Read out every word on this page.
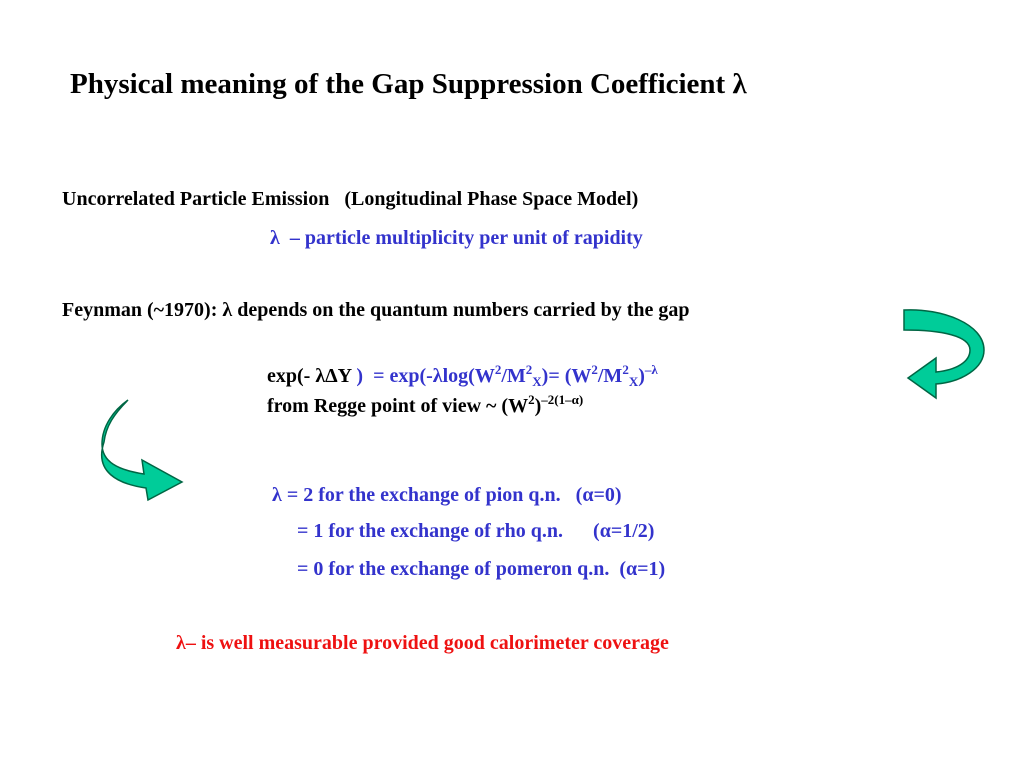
Physical meaning of the Gap Suppression Coefficient λ
Uncorrelated Particle Emission (Longitudinal Phase Space Model)
λ – particle multiplicity per unit of rapidity
Feynman (~1970): λ depends on the quantum numbers carried by the gap
exp(- λΔY ) = $\exp(-\lambda\log(W^2/M^2_X)= (W^2/M^2_X)^{-\lambda}$
from Regge point of view ~ $(W^2)^{-2(1-\alpha)}$
λ = 2 for the exchange of pion q.n. (α=0)
= 1 for the exchange of rho q.n. (α=1/2)
= 0 for the exchange of pomeron q.n. (α=1)
λ– is well measurable provided good calorimeter coverage
